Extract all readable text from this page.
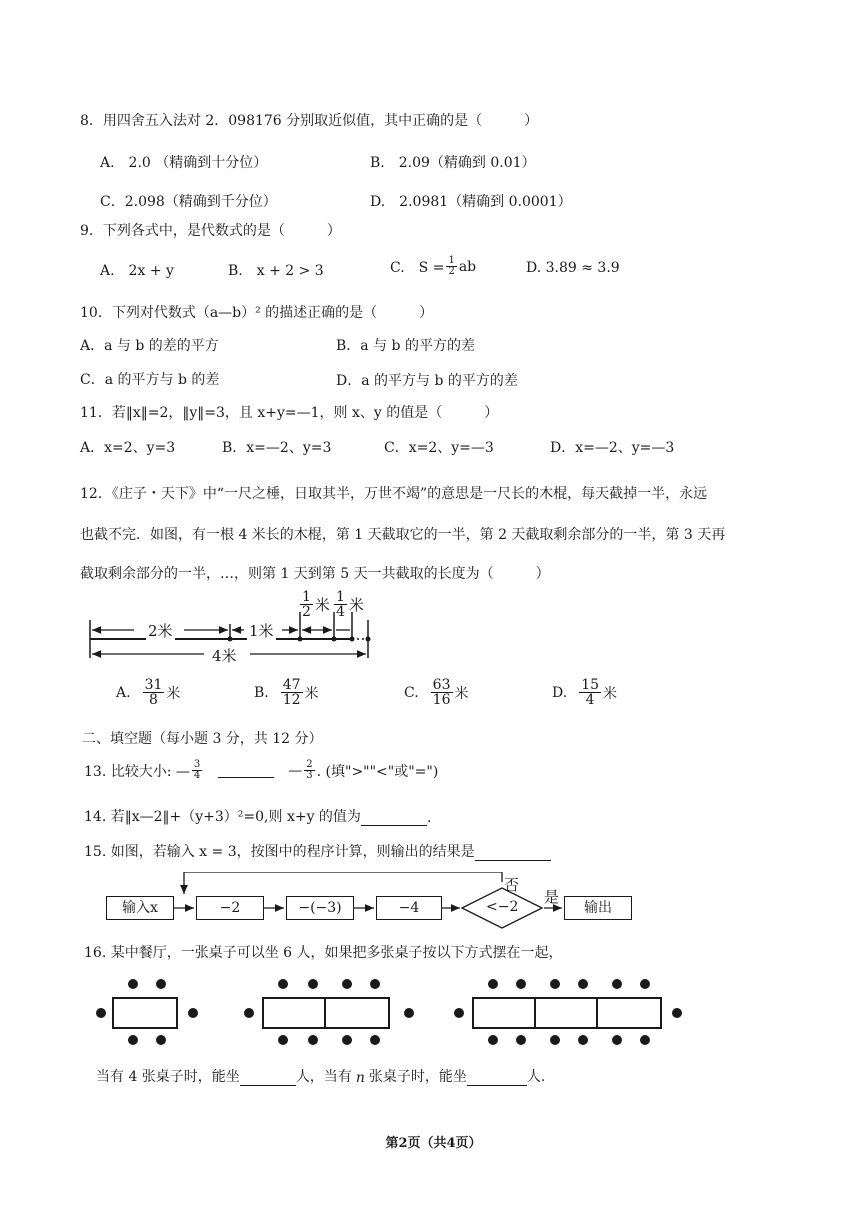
8．用四舍五入法对 2．098176 分别取近似值，其中正确的是（　　　）
A.　2.0 （精确到十分位）	B.　2.09（精确到 0.01）
C．2.098（精确到千分位）	D.　2.0981（精确到 0.0001）
9．下列各式中，是代数式的是（　　　）
A.　2x + y	B.　x + 2 > 3	C.　$S = \frac{1}{2}$ ab	D. 3.89 ≈ 3.9
10．下列对代数式（a—b）² 的描述正确的是（　　　）
A．a 与 b 的差的平方	B．a 与 b 的平方的差
C．a 的平方与 b 的差	D．a 的平方与 b 的平方的差
11．若‖x‖=2，‖y‖=3，且 x+y=—1，则 x、y 的值是（　　　）
A．x=2、y=3	B．x=—2、y=3	C．x=2、y=—3	D．x=—2、y=—3
12．《庄子・天下》中“一尺之棰，日取其半，万世不竭”的意思是一尺长的木棍，每天截掉一半，永远
也截不完．如图，有一根 4 米长的木棍，第 1 天截取它的一半，第 2 天截取剩余部分的一半，第 3 天再
截取剩余部分的一半，…，则第 1 天到第 5 天一共截取的长度为（　　　）
2米	1米
$\frac{1}{2}$ 米 $\frac{1}{4}$ 米
4米
A. $\frac{31}{8}$ 米	B. $\frac{47}{12}$ 米	C. $\frac{63}{16}$ 米	D. $\frac{15}{4}$ 米
二、填空题（每小题 3 分，共 12 分）
13. 比较大小: — $\frac{3}{4}$	— $\frac{2}{3}$ . (填">""<"或"=")
14. 若‖x—2‖+（y+3）²=0,则 x+y 的值为	.
15. 如图，若输入 x = 3，按图中的程序计算，则输出的结果是
输入x	−2	−(−3)	−4	<−2
否
是
输出
16. 某中餐厅，一张桌子可以坐 6 人，如果把多张桌子按以下方式摆在一起，
当有 4 张桌子时，能坐	人，当有 n 张桌子时，能坐	人.
第2页（共4页）
